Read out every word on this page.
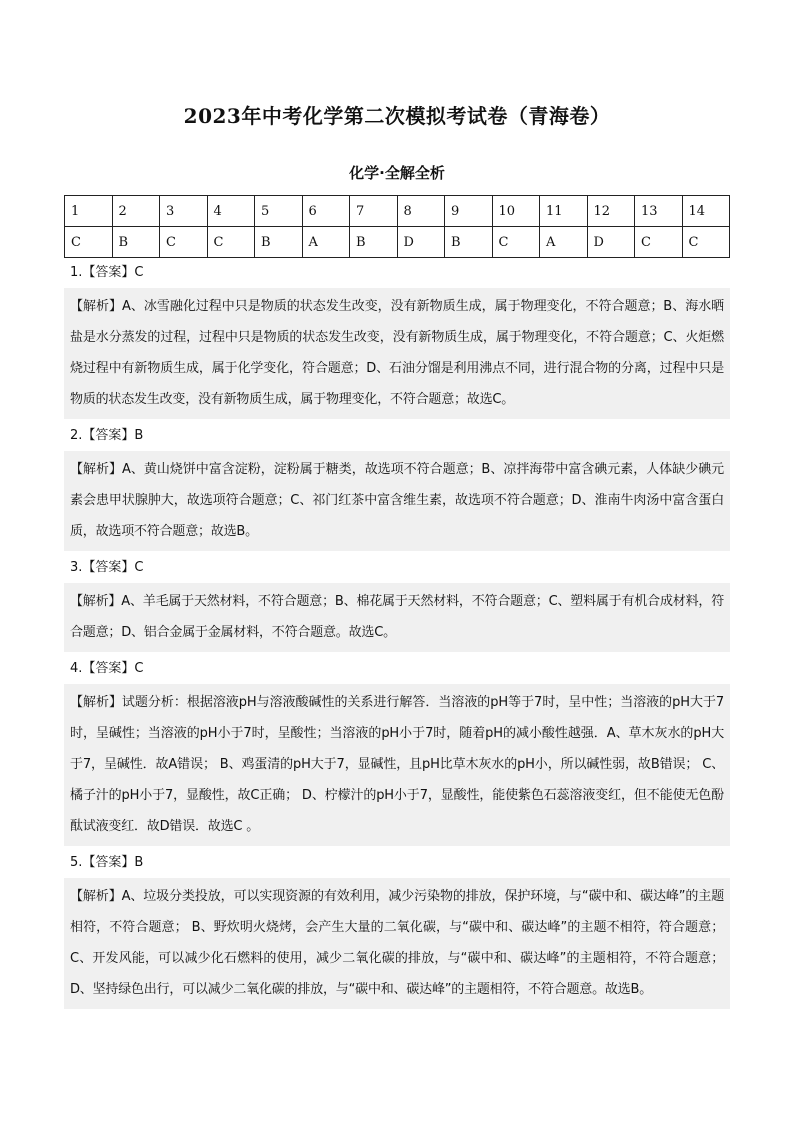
2023年中考化学第二次模拟考试卷（青海卷）
化学·全解全析
1	2	3	4	5	6	7	8	9	10	11	12	13	14
C	B	C	C	B	A	B	D	B	C	A	D	C	C
1.【答案】C
【解析】A、冰雪融化过程中只是物质的状态发生改变，没有新物质生成，属于物理变化，不符合题意；B、海水晒盐是水分蒸发的过程，过程中只是物质的状态发生改变，没有新物质生成，属于物理变化，不符合题意；C、火炬燃烧过程中有新物质生成，属于化学变化，符合题意；D、石油分馏是利用沸点不同，进行混合物的分离，过程中只是物质的状态发生改变，没有新物质生成，属于物理变化，不符合题意；故选C。
2.【答案】B
【解析】A、黄山烧饼中富含淀粉，淀粉属于糖类，故选项不符合题意；B、凉拌海带中富含碘元素，人体缺少碘元素会患甲状腺肿大，故选项符合题意；C、祁门红茶中富含维生素，故选项不符合题意；D、淮南牛肉汤中富含蛋白质，故选项不符合题意；故选B。
3.【答案】C
【解析】A、羊毛属于天然材料，不符合题意；B、棉花属于天然材料，不符合题意；C、塑料属于有机合成材料，符合题意；D、铝合金属于金属材料，不符合题意。故选C。
4.【答案】C
【解析】试题分析：根据溶液pH与溶液酸碱性的关系进行解答．当溶液的pH等于7时，呈中性；当溶液的pH大于7时，呈碱性；当溶液的pH小于7时，呈酸性；当溶液的pH小于7时，随着pH的减小酸性越强．A、草木灰水的pH大于7，呈碱性．故A错误； B、鸡蛋清的pH大于7，显碱性，且pH比草木灰水的pH小，所以碱性弱，故B错误； C、橘子汁的pH小于7，显酸性，故C正确； D、柠檬汁的pH小于7，显酸性，能使紫色石蕊溶液变红，但不能使无色酚酞试液变红．故D错误．故选C 。
5.【答案】B
【解析】A、垃圾分类投放，可以实现资源的有效利用，减少污染物的排放，保护环境，与“碳中和、碳达峰”的主题相符，不符合题意； B、野炊明火烧烤，会产生大量的二氧化碳，与“碳中和、碳达峰”的主题不相符，符合题意； C、开发风能，可以减少化石燃料的使用，减少二氧化碳的排放，与“碳中和、碳达峰”的主题相符，不符合题意；D、坚持绿色出行，可以减少二氧化碳的排放，与“碳中和、碳达峰”的主题相符，不符合题意。故选B。
